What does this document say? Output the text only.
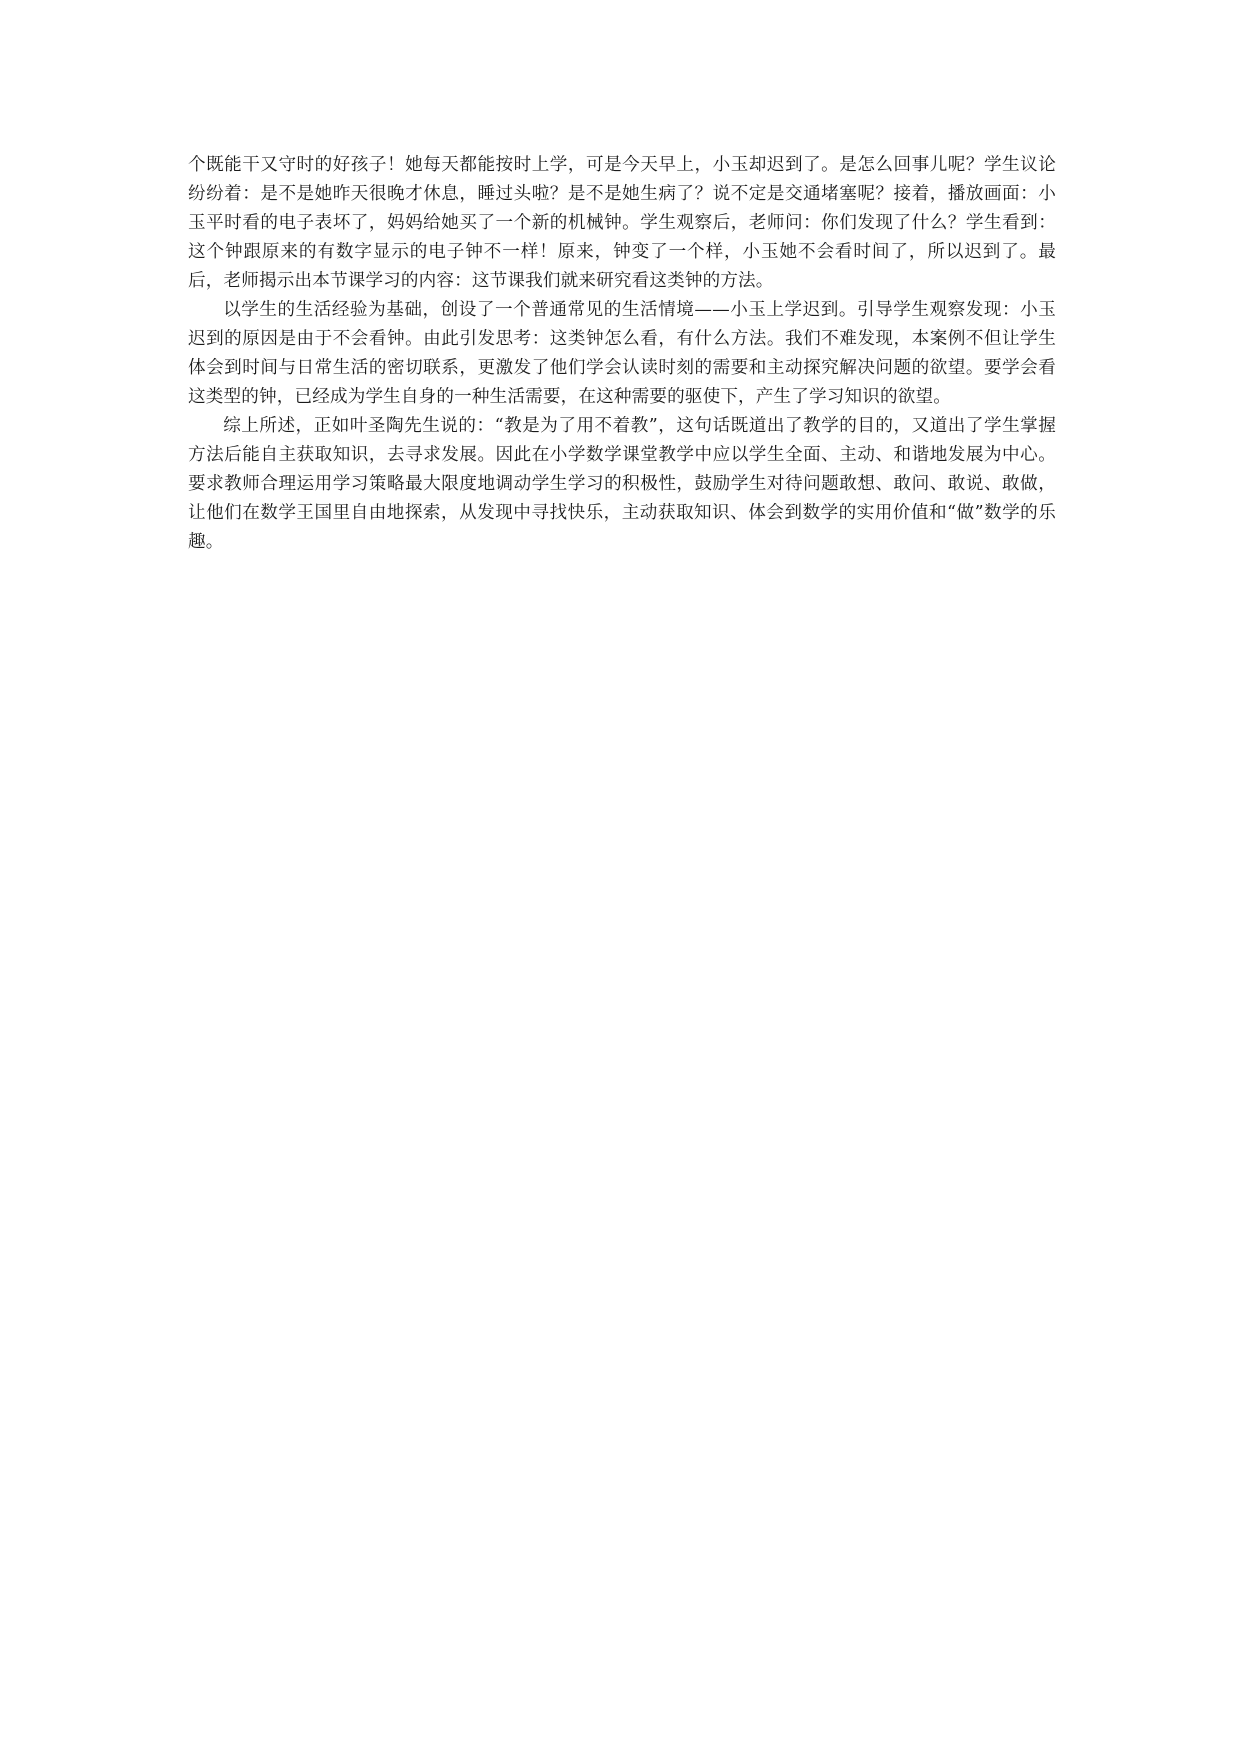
个既能干又守时的好孩子！她每天都能按时上学，可是今天早上，小玉却迟到了。是怎么回事儿呢？学生议论纷纷着：是不是她昨天很晚才休息，睡过头啦？是不是她生病了？说不定是交通堵塞呢？接着，播放画面：小玉平时看的电子表坏了，妈妈给她买了一个新的机械钟。学生观察后，老师问：你们发现了什么？学生看到：这个钟跟原来的有数字显示的电子钟不一样！原来，钟变了一个样，小玉她不会看时间了，所以迟到了。最后，老师揭示出本节课学习的内容：这节课我们就来研究看这类钟的方法。

以学生的生活经验为基础，创设了一个普通常见的生活情境——小玉上学迟到。引导学生观察发现：小玉迟到的原因是由于不会看钟。由此引发思考：这类钟怎么看，有什么方法。我们不难发现，本案例不但让学生体会到时间与日常生活的密切联系，更激发了他们学会认读时刻的需要和主动探究解决问题的欲望。要学会看这类型的钟，已经成为学生自身的一种生活需要，在这种需要的驱使下，产生了学习知识的欲望。

综上所述，正如叶圣陶先生说的：“教是为了用不着教”，这句话既道出了教学的目的，又道出了学生掌握方法后能自主获取知识，去寻求发展。因此在小学数学课堂教学中应以学生全面、主动、和谐地发展为中心。要求教师合理运用学习策略最大限度地调动学生学习的积极性，鼓励学生对待问题敢想、敢问、敢说、敢做，让他们在数学王国里自由地探索，从发现中寻找快乐，主动获取知识、体会到数学的实用价值和“做”数学的乐趣。
